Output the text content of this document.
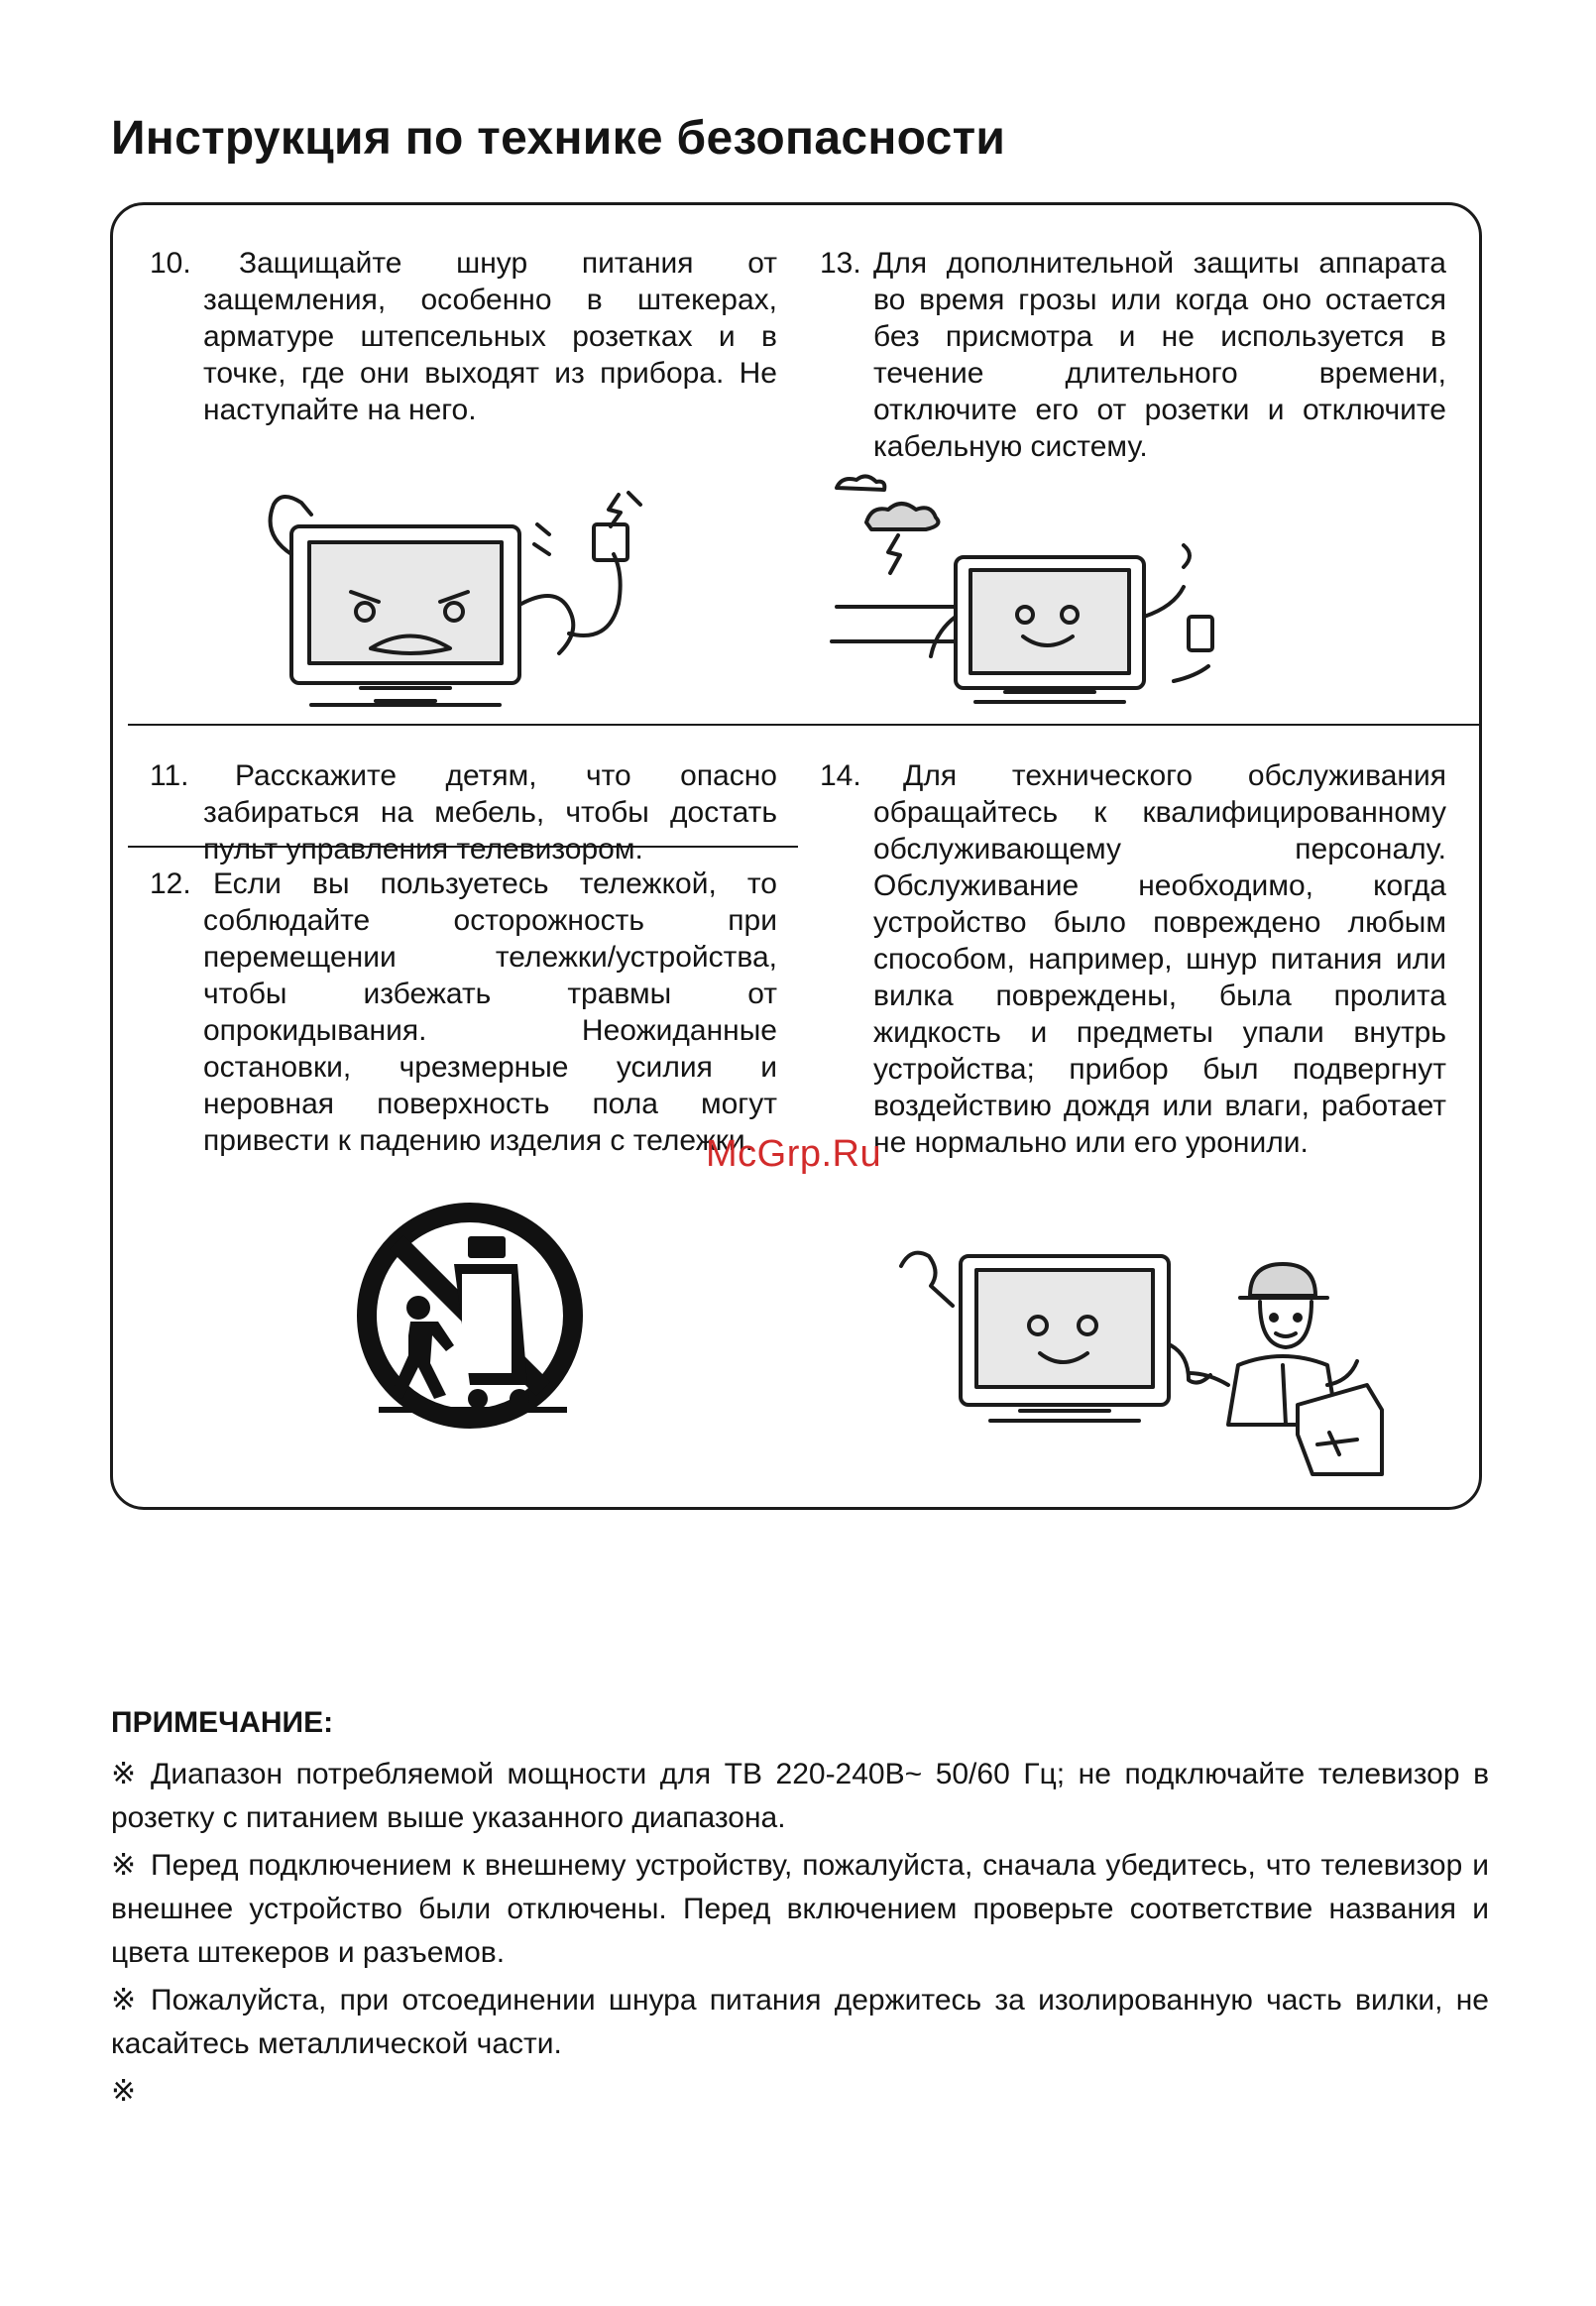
Инструкция по технике безопасности
10.	Защищайте шнур питания от защемления, особенно в штекерах, арматуре штепсельных розетках и в точке, где они выходят из прибора. Не наступайте на него.
13. Для дополнительной защиты аппарата во время грозы или когда оно остается без присмотра и не используется в течение длительного времени, отключите его от розетки и отключите кабельную систему.
11.	Расскажите детям, что опасно забираться на мебель, чтобы достать пульт управления телевизором.
12. Если вы пользуетесь тележкой, то соблюдайте осторожность при перемещении тележки/устройства, чтобы избежать травмы от опрокидывания. Неожиданные остановки, чрезмерные усилия и неровная поверхность пола могут привести к падению изделия с тележки.
14.	Для технического обслуживания обращайтесь к квалифицированному обслуживающему персоналу. Обслуживание необходимо, когда устройство было повреждено любым способом, например, шнур питания или вилка повреждены, была пролита жидкость и предметы упали внутрь устройства; прибор был подвергнут воздействию дождя или влаги, работает не нормально или его уронили.
McGrp.Ru

ПРИМЕЧАНИЕ:

※ Диапазон потребляемой мощности для ТВ 220-240В~ 50/60 Гц; не подключайте телевизор в розетку с питанием выше указанного диапазона.

※ Перед подключением к внешнему устройству, пожалуйста, сначала убедитесь, что телевизор и внешнее устройство были отключены. Перед включением проверьте соответствие названия и цвета штекеров и разъемов.

※ Пожалуйста, при отсоединении шнура питания держитесь за изолированную часть вилки, не касайтесь металлической части.

※
